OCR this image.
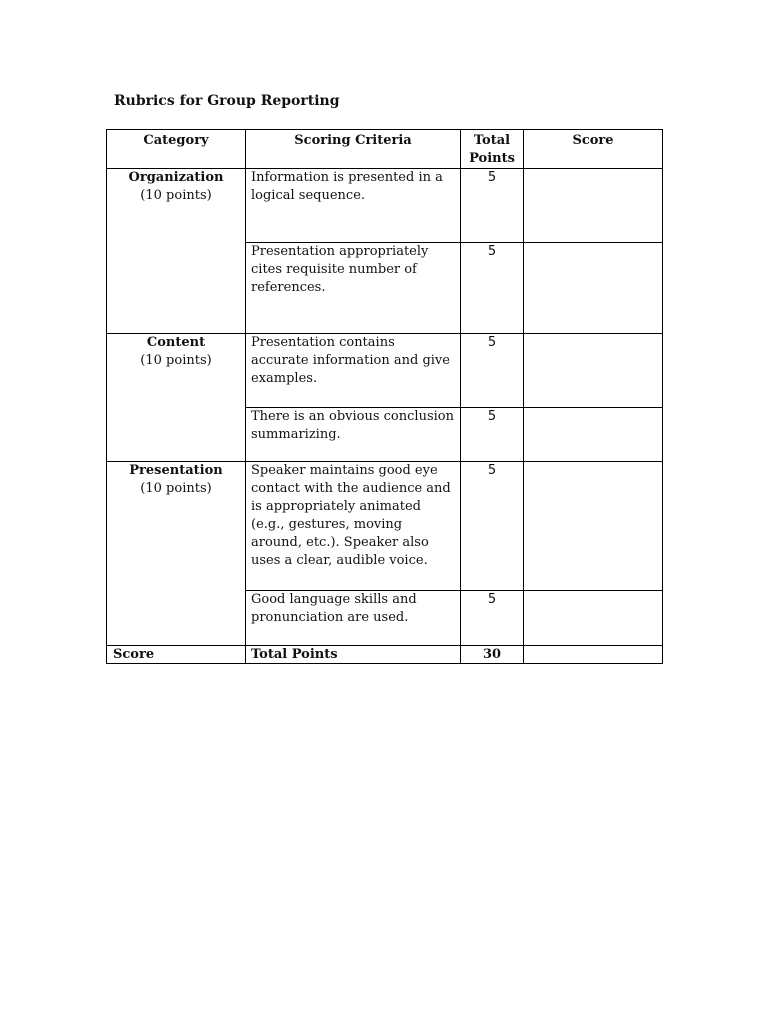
Rubrics for Group Reporting

Category	Scoring Criteria	Total Points	Score

Organization
(10 points)	Information is presented in a logical sequence.	5	
	Presentation appropriately cites requisite number of references.	5	

Content
(10 points)	Presentation contains accurate information and give examples.	5	
	There is an obvious conclusion summarizing.	5	

Presentation
(10 points)	Speaker maintains good eye contact with the audience and is appropriately animated (e.g., gestures, moving around, etc.). Speaker also uses a clear, audible voice.	5	
	Good language skills and pronunciation are used.	5	
Score	Total Points	30	
